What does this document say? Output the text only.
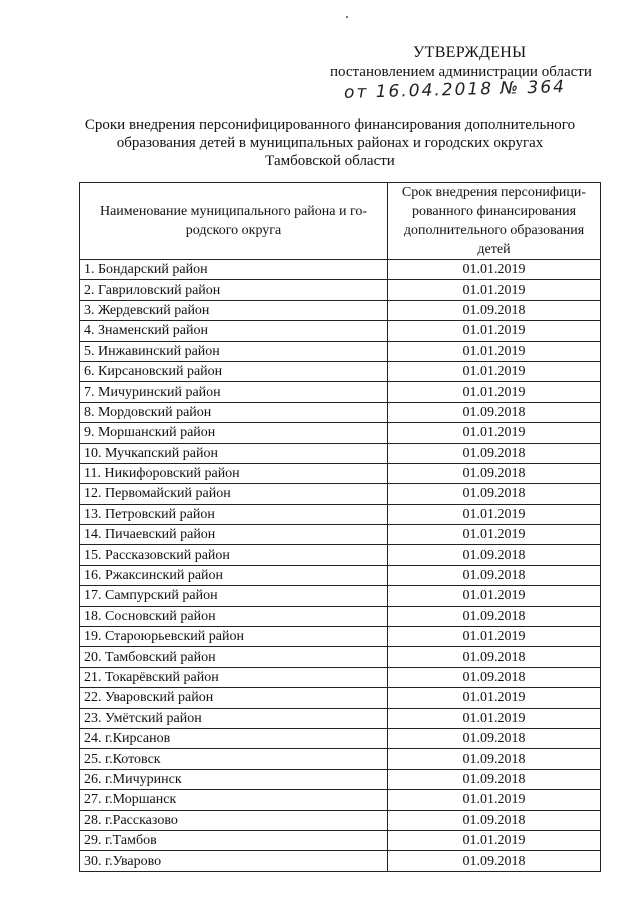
УТВЕРЖДЕНЫ
постановлением администрации области
от 16.04.2018 № 364
Сроки внедрения персонифицированного финансирования дополнительного
образования детей в муниципальных районах и городских округах
Тамбовской области
Наименование муниципального района и го-родского округа	Срок внедрения персонифици-рованного финансирования дополнительного образования детей
1. Бондарский район	01.01.2019
2. Гавриловский район	01.01.2019
3. Жердевский район	01.09.2018
4. Знаменский район	01.01.2019
5. Инжавинский район	01.01.2019
6. Кирсановский район	01.01.2019
7. Мичуринский район	01.01.2019
8. Мордовский район	01.09.2018
9. Моршанский район	01.01.2019
10. Мучкапский район	01.09.2018
11. Никифоровский район	01.09.2018
12. Первомайский район	01.09.2018
13. Петровский район	01.01.2019
14. Пичаевский район	01.01.2019
15. Рассказовский район	01.09.2018
16. Ржаксинский район	01.09.2018
17. Сампурский район	01.01.2019
18. Сосновский район	01.09.2018
19. Староюрьевский район	01.01.2019
20. Тамбовский район	01.09.2018
21. Токарёвский район	01.09.2018
22. Уваровский район	01.01.2019
23. Умётский район	01.01.2019
24. г.Кирсанов	01.09.2018
25. г.Котовск	01.09.2018
26. г.Мичуринск	01.09.2018
27. г.Моршанск	01.01.2019
28. г.Рассказово	01.09.2018
29. г.Тамбов	01.01.2019
30. г.Уварово	01.09.2018
